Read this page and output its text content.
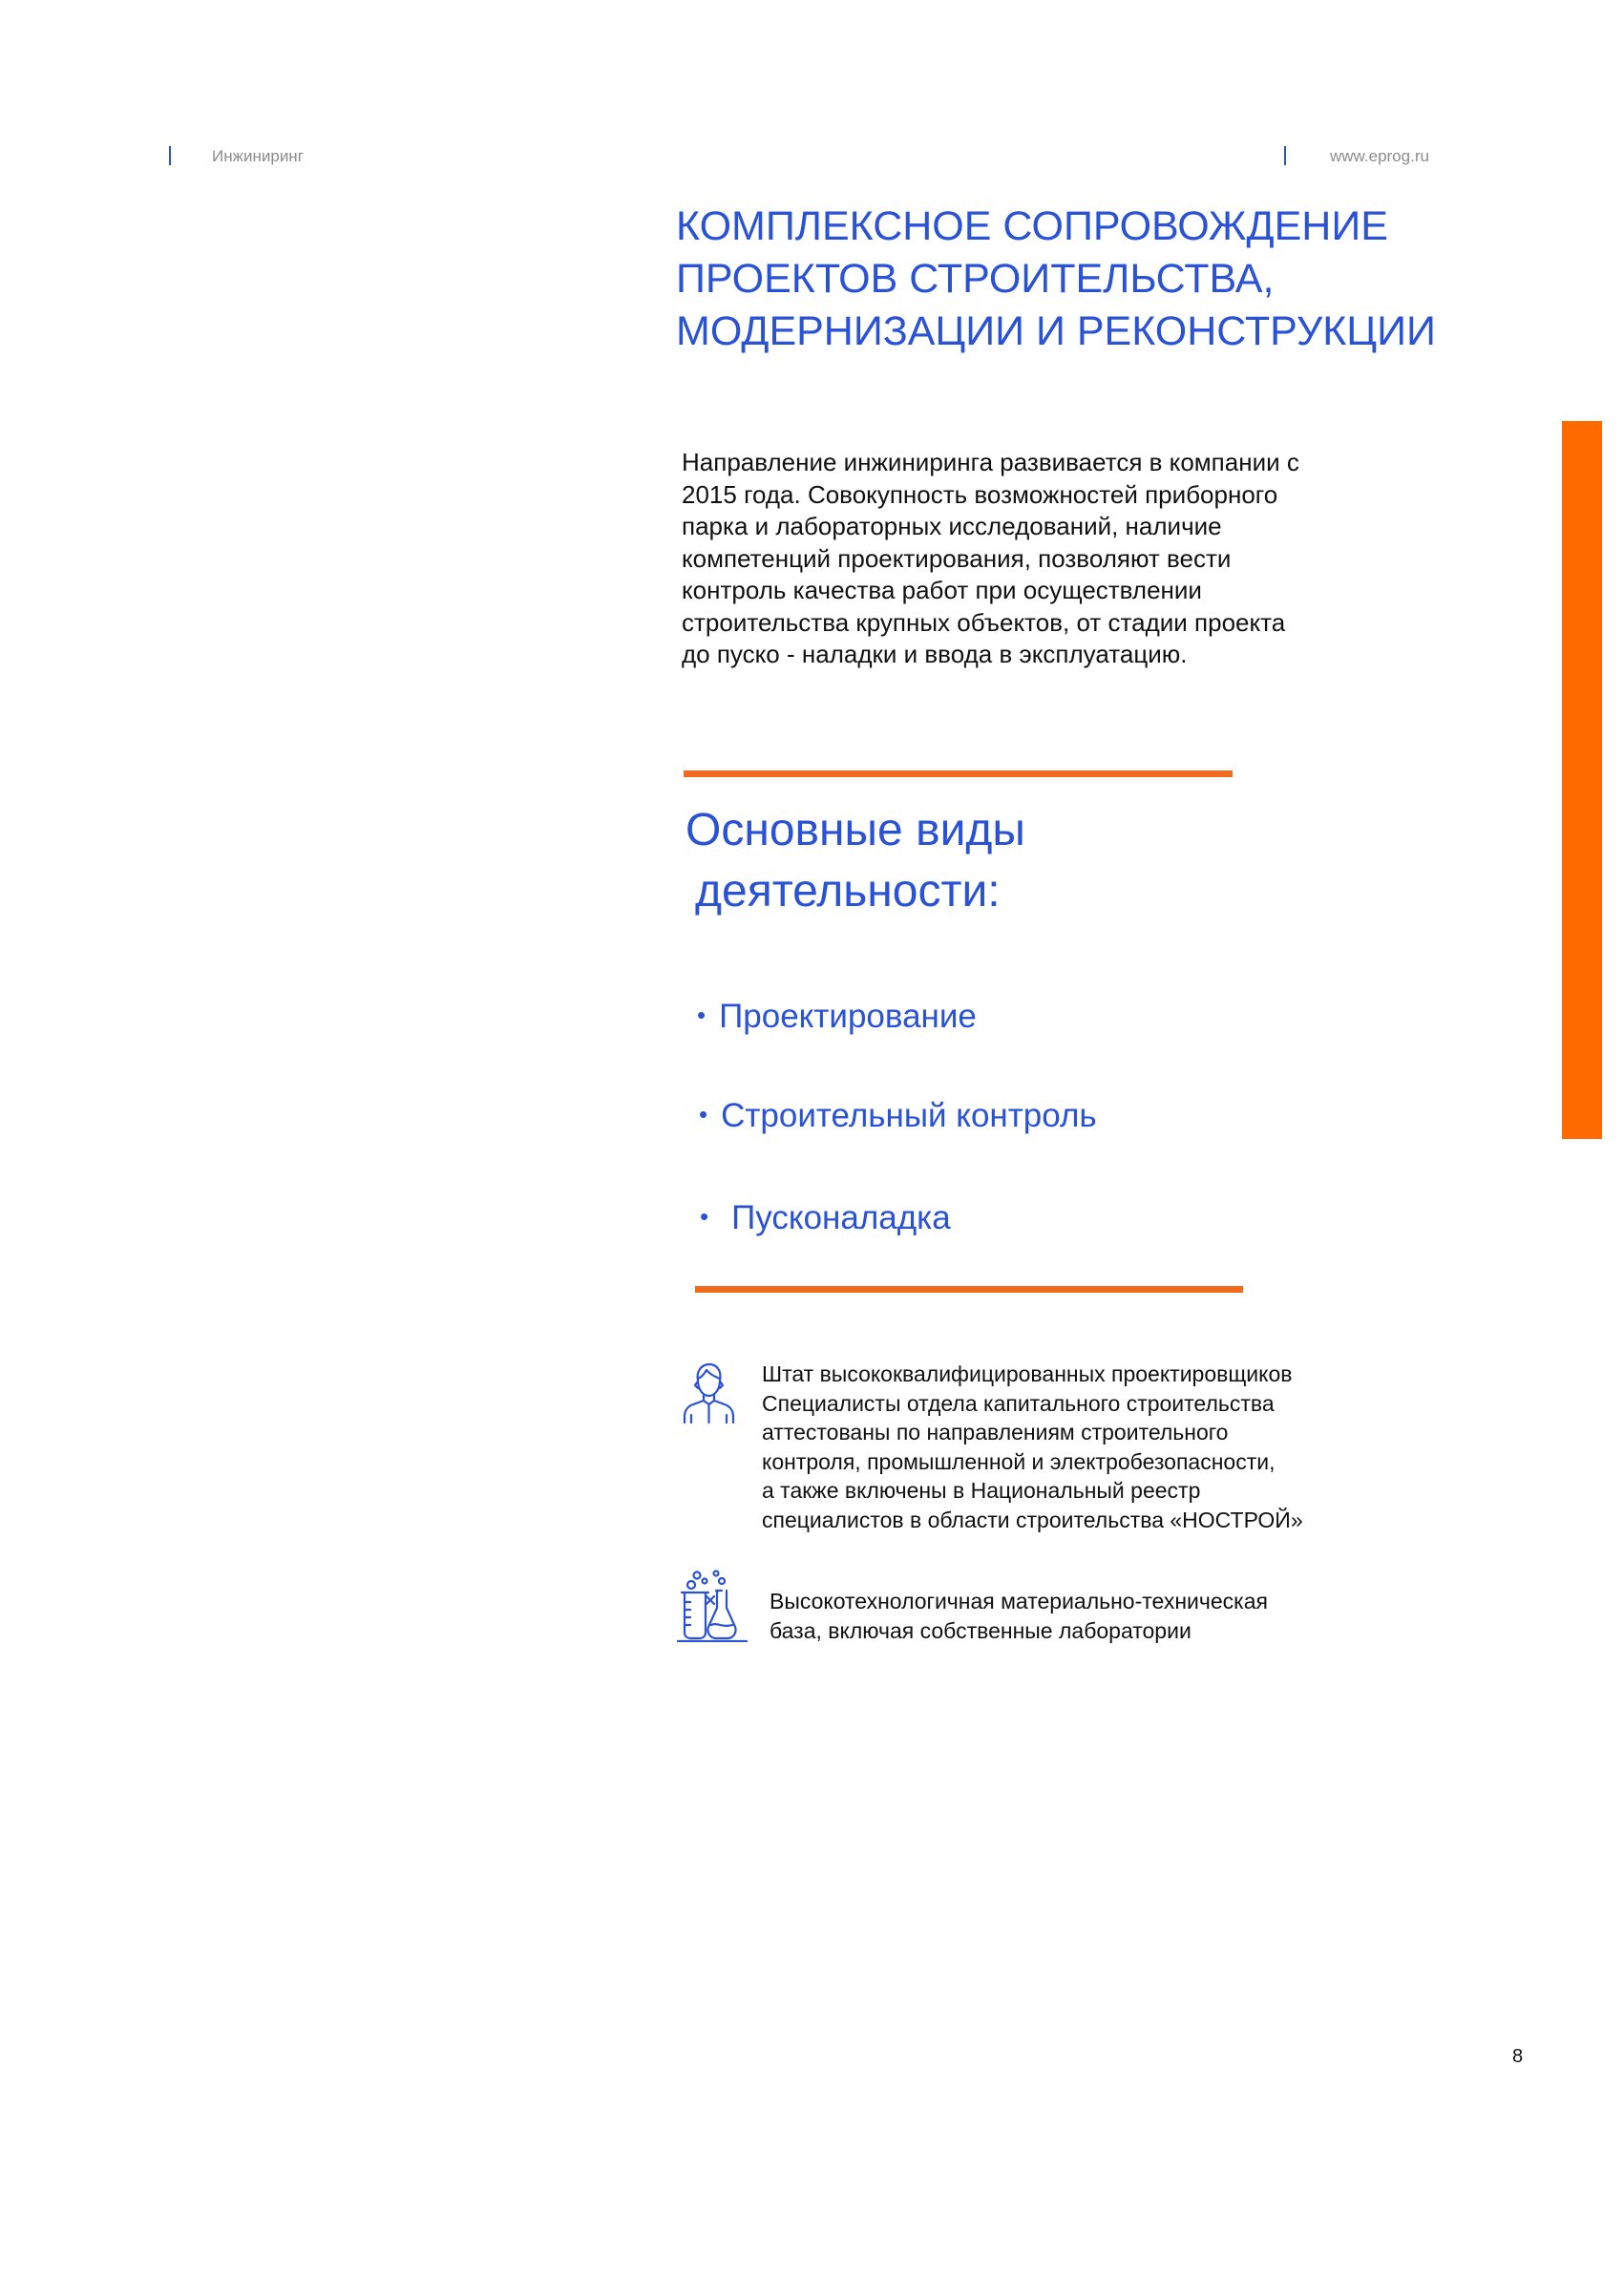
Инжиниринг	www.eprog.ru
КОМПЛЕКСНОЕ СОПРОВОЖДЕНИЕ
ПРОЕКТОВ СТРОИТЕЛЬСТВА,
МОДЕРНИЗАЦИИ И РЕКОНСТРУКЦИИ
Направление инжиниринга развивается в компании с
2015 года. Совокупность возможностей приборного
парка и лабораторных исследований, наличие
компетенций проектирования, позволяют вести
контроль качества работ при осуществлении
строительства крупных объектов, от стадии проекта
до пуско - наладки и ввода в эксплуатацию.
Основные виды
деятельности:
• Проектирование
• Строительный контроль
• Пусконаладка
Штат высококвалифицированных проектировщиков
Специалисты отдела капитального строительства
аттестованы по направлениям строительного
контроля, промышленной и электробезопасности,
а также включены в Национальный реестр
специалистов в области строительства «НОСТРОЙ»
Высокотехнологичная материально-техническая
база, включая собственные лаборатории
8
